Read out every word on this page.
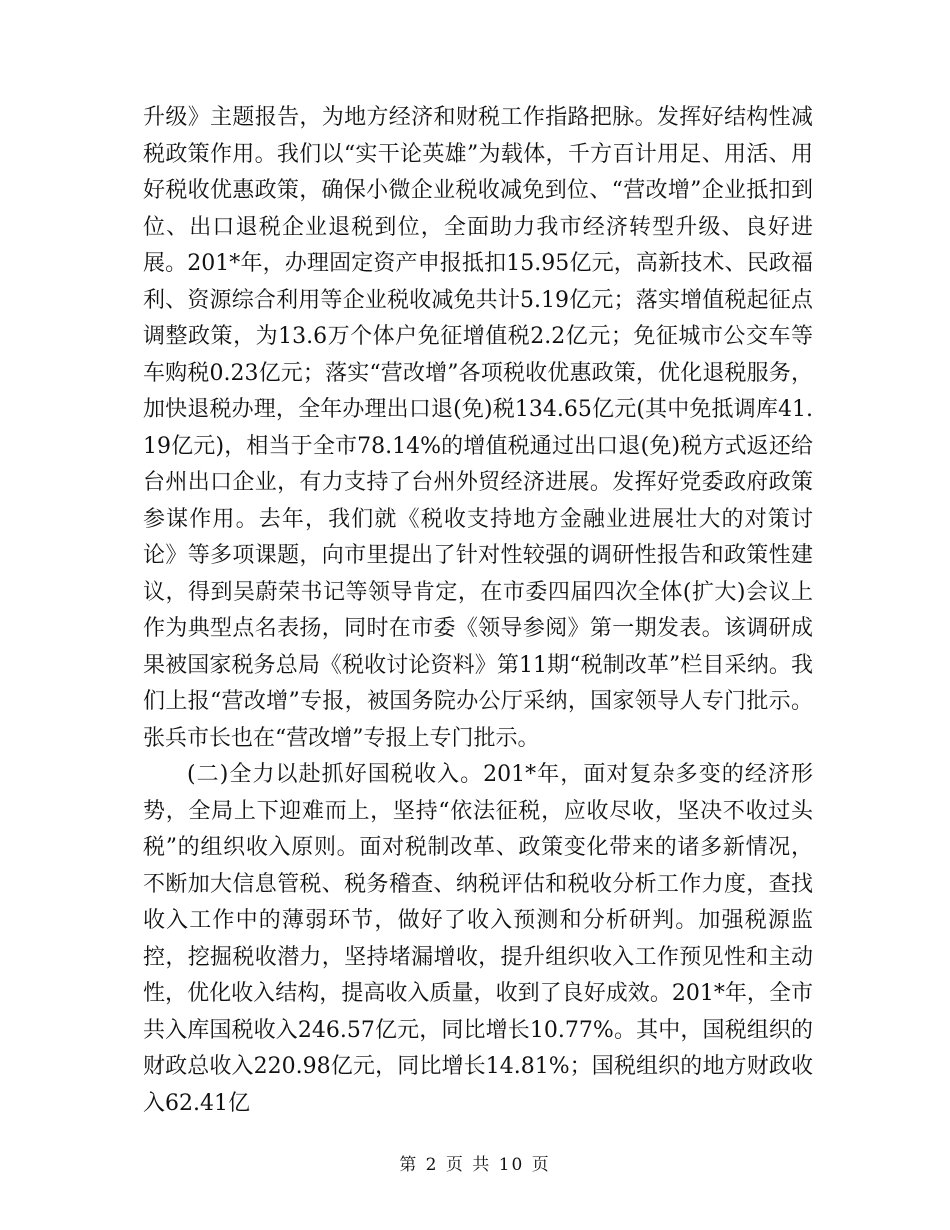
升级》主题报告，为地方经济和财税工作指路把脉。发挥好结构性减税政策作用。我们以“实干论英雄”为载体，千方百计用足、用活、用好税收优惠政策，确保小微企业税收减免到位、“营改增”企业抵扣到位、出口退税企业退税到位，全面助力我市经济转型升级、良好进展。201*年，办理固定资产申报抵扣15.95亿元，高新技术、民政福利、资源综合利用等企业税收减免共计5.19亿元；落实增值税起征点调整政策，为13.6万个体户免征增值税2.2亿元；免征城市公交车等车购税0.23亿元；落实“营改增”各项税收优惠政策，优化退税服务，加快退税办理，全年办理出口退(免)税134.65亿元(其中免抵调库41.19亿元)，相当于全市78.14%的增值税通过出口退(免)税方式返还给台州出口企业，有力支持了台州外贸经济进展。发挥好党委政府政策参谋作用。去年，我们就《税收支持地方金融业进展壮大的对策讨论》等多项课题，向市里提出了针对性较强的调研性报告和政策性建议，得到吴蔚荣书记等领导肯定，在市委四届四次全体(扩大)会议上作为典型点名表扬，同时在市委《领导参阅》第一期发表。该调研成果被国家税务总局《税收讨论资料》第11期“税制改革”栏目采纳。我们上报“营改增”专报，被国务院办公厅采纳，国家领导人专门批示。张兵市长也在“营改增”专报上专门批示。

(二)全力以赴抓好国税收入。201*年，面对复杂多变的经济形势，全局上下迎难而上，坚持“依法征税，应收尽收，坚决不收过头税”的组织收入原则。面对税制改革、政策变化带来的诸多新情况，不断加大信息管税、税务稽查、纳税评估和税收分析工作力度，查找收入工作中的薄弱环节，做好了收入预测和分析研判。加强税源监控，挖掘税收潜力，坚持堵漏增收，提升组织收入工作预见性和主动性，优化收入结构，提高收入质量，收到了良好成效。201*年，全市共入库国税收入246.57亿元，同比增长10.77%。其中，国税组织的财政总收入220.98亿元，同比增长14.81%；国税组织的地方财政收入62.41亿

第 2 页 共 10 页
